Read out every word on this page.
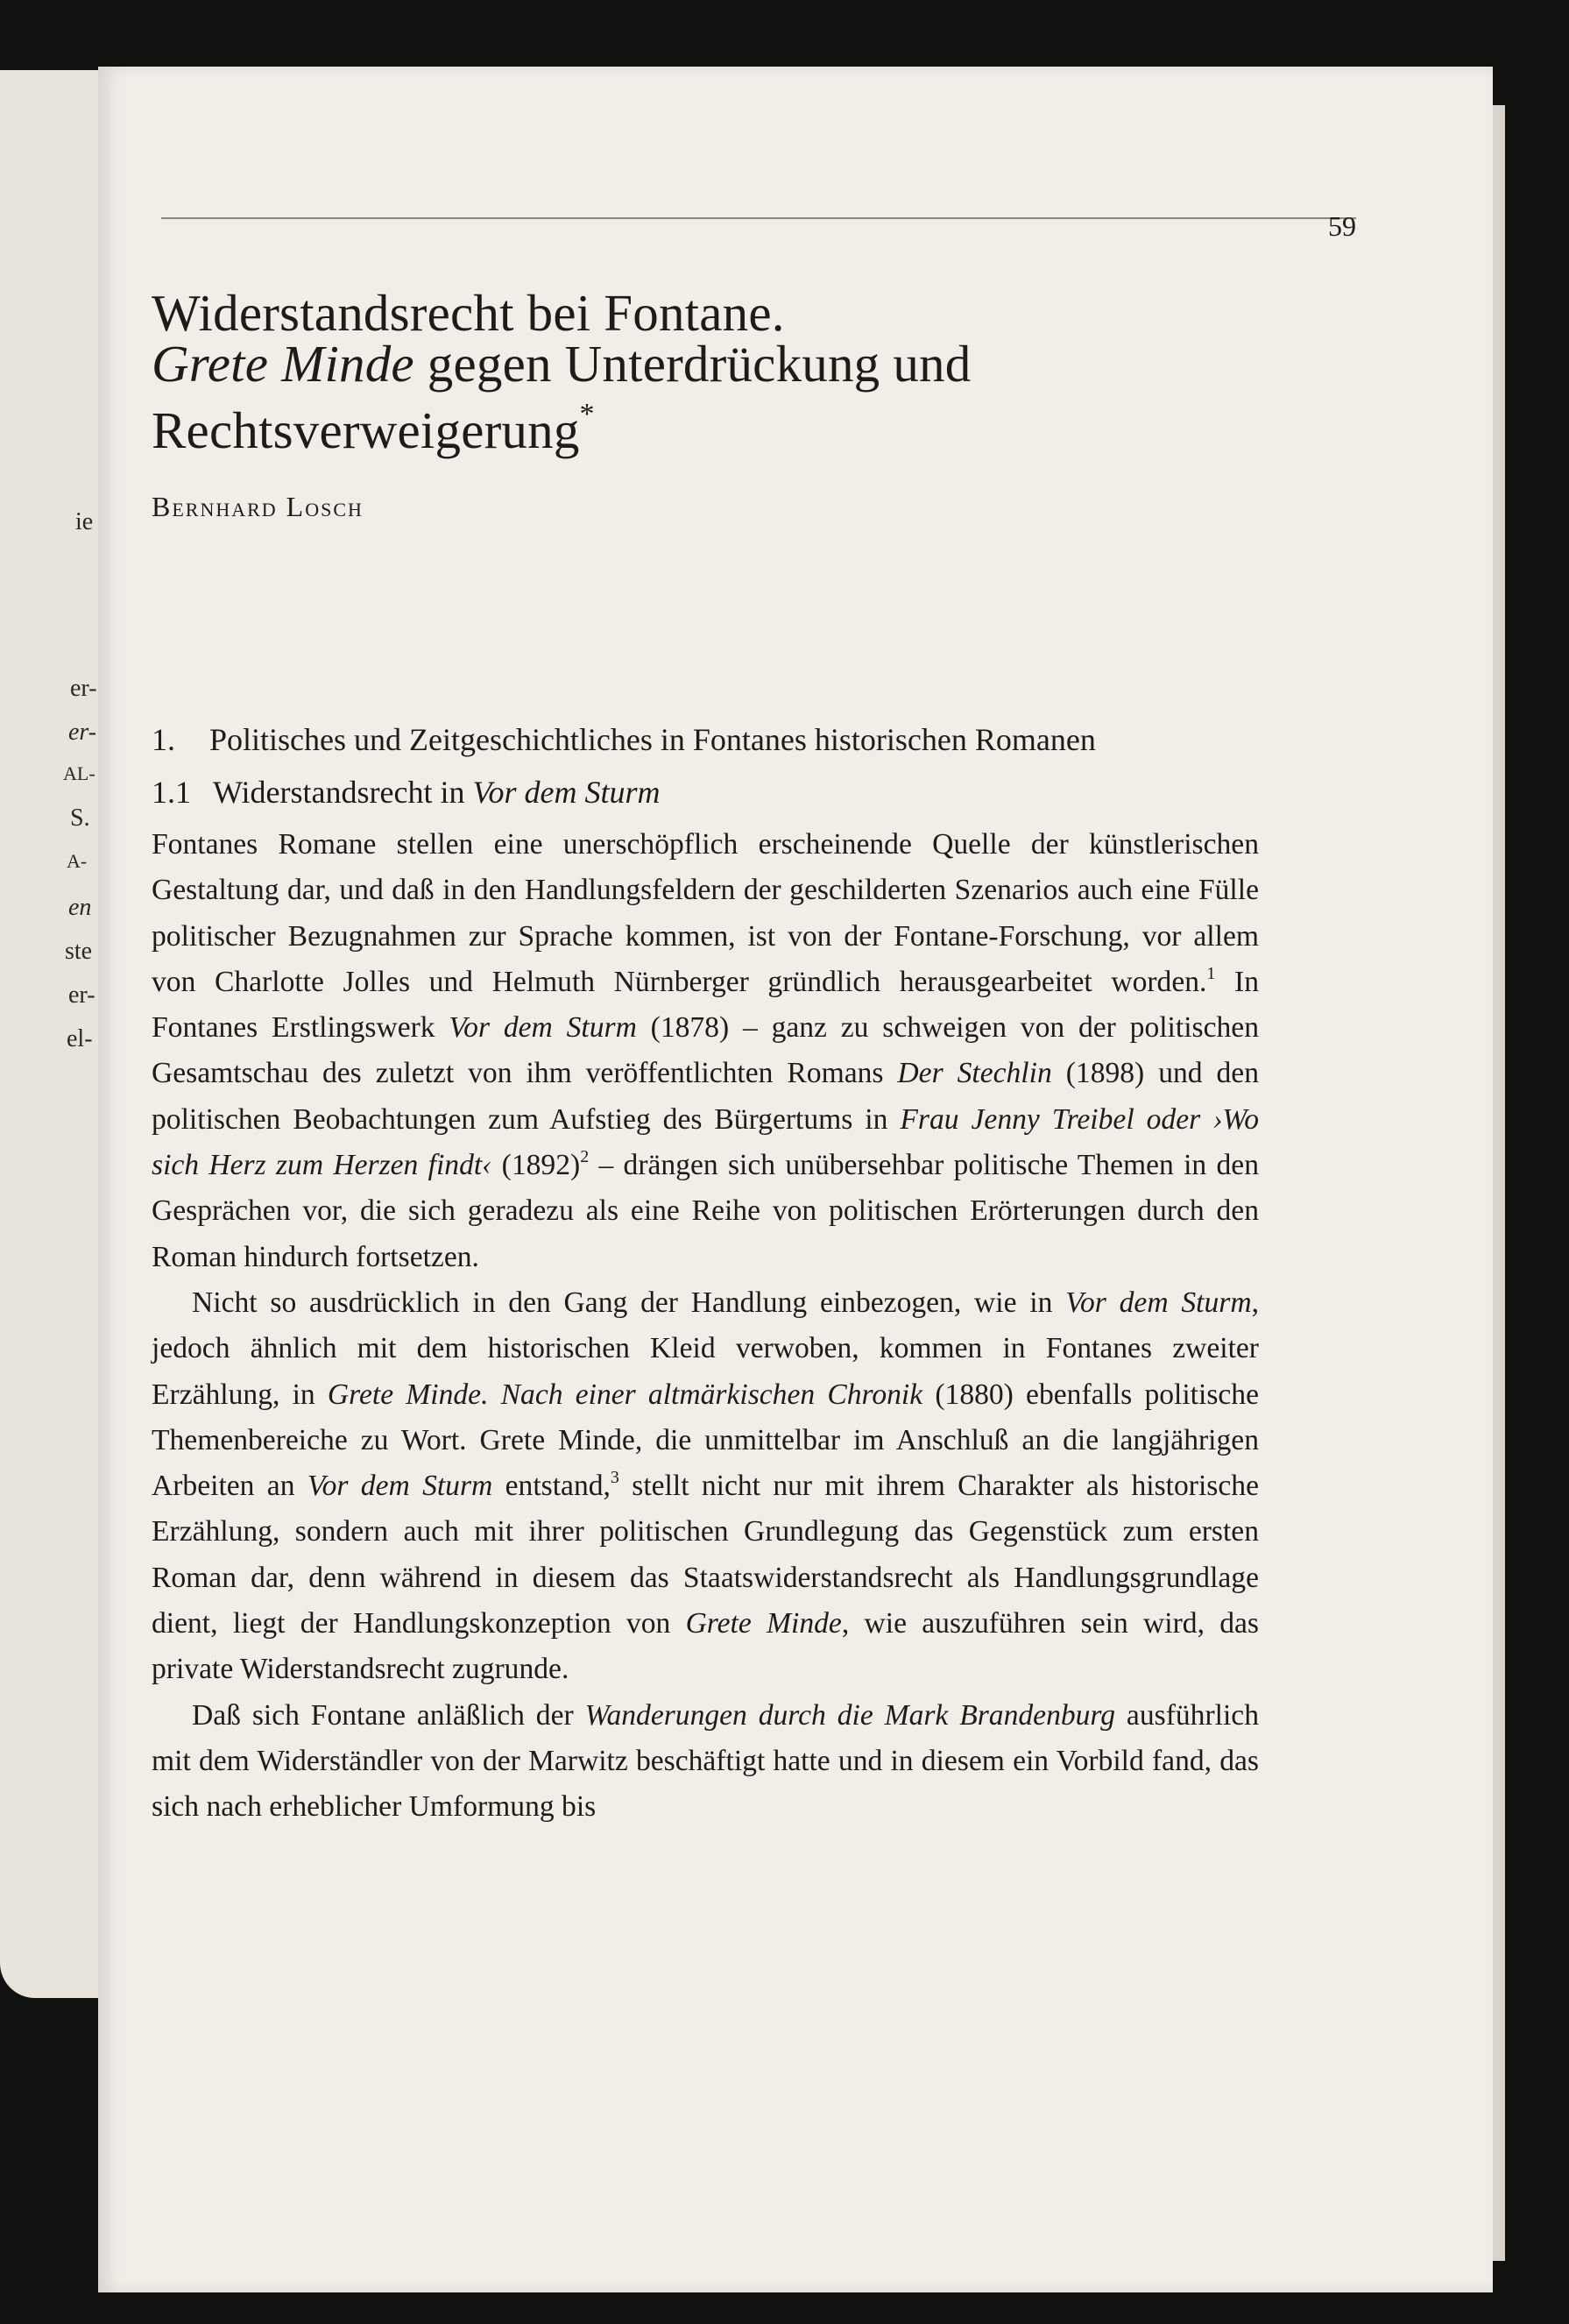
ie
er-
er-
AL-
S.
A-
en
ste
er-
el-
59
Widerstandsrecht bei Fontane.
Grete Minde gegen Unterdrückung und
Rechtsverweigerung*
Bernhard Losch
1.	Politisches und Zeitgeschichtliches in Fontanes historischen Romanen
1.1 Widerstandsrecht in Vor dem Sturm

Fontanes Romane stellen eine unerschöpflich erscheinende Quelle der künstlerischen Gestaltung dar, und daß in den Handlungsfeldern der geschilderten Szenarios auch eine Fülle politischer Bezugnahmen zur Sprache kommen, ist von der Fontane-Forschung, vor allem von Charlotte Jolles und Helmuth Nürnberger gründlich herausgearbeitet worden.$^1$ In Fontanes Erstlingswerk Vor dem Sturm (1878) – ganz zu schweigen von der politischen Gesamtschau des zuletzt von ihm veröffentlichten Romans Der Stechlin (1898) und den politischen Beobachtungen zum Aufstieg des Bürgertums in Frau Jenny Treibel oder ›Wo sich Herz zum Herzen findt‹ $(1892)^2$ – drängen sich unübersehbar politische Themen in den Gesprächen vor, die sich geradezu als eine Reihe von politischen Erörterungen durch den Roman hindurch fortsetzen.

Nicht so ausdrücklich in den Gang der Handlung einbezogen, wie in Vor dem Sturm, jedoch ähnlich mit dem historischen Kleid verwoben, kommen in Fontanes zweiter Erzählung, in Grete Minde. Nach einer altmärkischen Chronik (1880) ebenfalls politische Themenbereiche zu Wort. Grete Minde, die unmittelbar im Anschluß an die langjährigen Arbeiten an Vor dem Sturm entstand,$^3$ stellt nicht nur mit ihrem Charakter als historische Erzählung, sondern auch mit ihrer politischen Grundlegung das Gegenstück zum ersten Roman dar, denn während in diesem das Staatswiderstandsrecht als Handlungsgrundlage dient, liegt der Handlungskonzeption von Grete Minde, wie auszuführen sein wird, das private Widerstandsrecht zugrunde.

Daß sich Fontane anläßlich der Wanderungen durch die Mark Brandenburg ausführlich mit dem Widerständler von der Marwitz beschäftigt hatte und in diesem ein Vorbild fand, das sich nach erheblicher Umformung bis
